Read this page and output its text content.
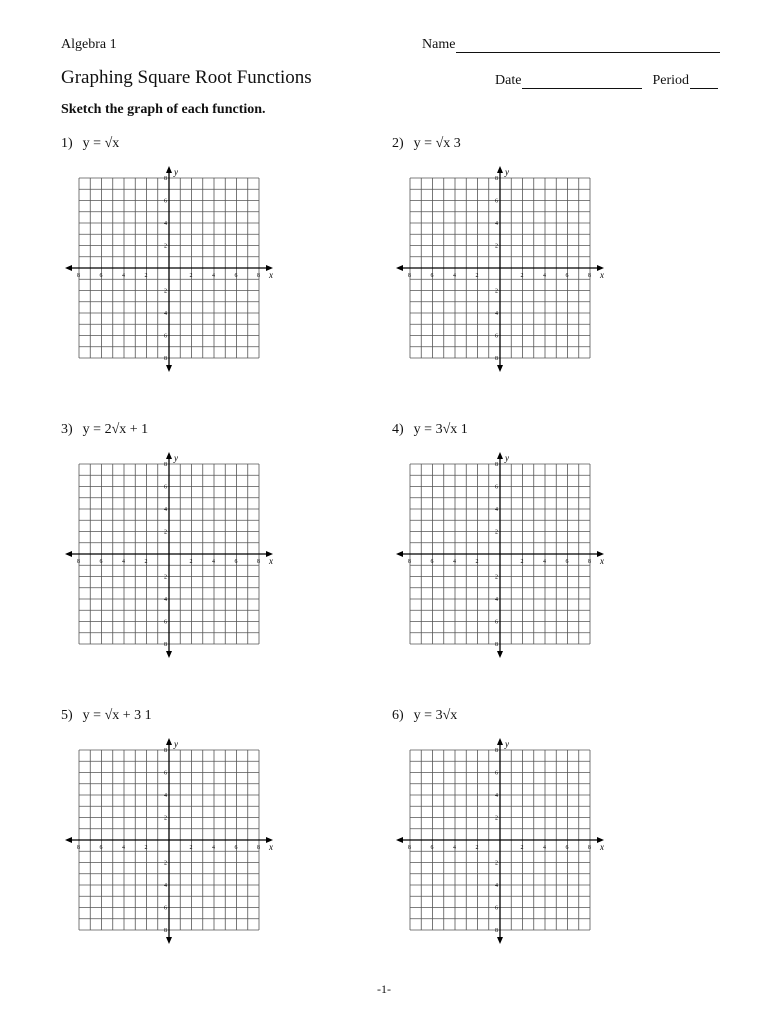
Algebra 1	Name
Graphing Square Root Functions	Date	Period
Sketch the graph of each function.
1) y = √x	2) y = √x 3
3) y = 2√x + 1	4) y = 3√x 1
5) y = √x + 3 1	6) y = 3√x
x
y
8
8
6
6
4
4
2
2
2
2
4
4
6
6
8
8
x
y
8
8
6
6
4
4
2
2
2
2
4
4
6
6
8
8
x
y
8
8
6
6
4
4
2
2
2
2
4
4
6
6
8
8
x
y
8
8
6
6
4
4
2
2
2
2
4
4
6
6
8
8
x
y
8
8
6
6
4
4
2
2
2
2
4
4
6
6
8
8
x
y
8
8
6
6
4
4
2
2
2
2
4
4
6
6
8
8
-1-
